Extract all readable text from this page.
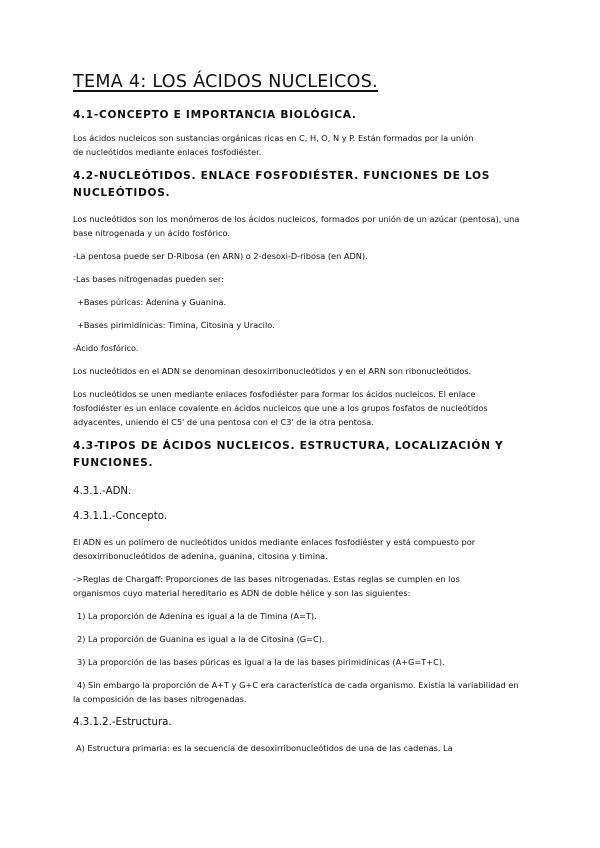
TEMA 4: LOS ÁCIDOS NUCLEICOS.
4.1-CONCEPTO E IMPORTANCIA BIOLÓGICA.
Los ácidos nucleicos son sustancias orgánicas ricas en C, H, O, N y P. Están formados por la unión
de nucleótidos mediante enlaces fosfodiéster.
4.2-NUCLEÓTIDOS. ENLACE FOSFODIÉSTER. FUNCIONES DE LOS
NUCLEÓTIDOS.
Los nucleótidos son los monómeros de los ácidos nucleicos, formados por unión de un azúcar (pentosa), una
base nitrogenada y un ácido fosfórico.
-La pentosa puede ser D-Ribosa (en ARN) o 2-desoxi-D-ribosa (en ADN).
-Las bases nitrogenadas pueden ser:
+Bases púricas: Adenina y Guanina.
+Bases pirimidínicas: Timina, Citosina y Uracilo.
-Ácido fosfórico.
Los nucleótidos en el ADN se denominan desoxirribonucleótidos y en el ARN son ribonucleótidos.
Los nucleótidos se unen mediante enlaces fosfodiéster para formar los ácidos nucleicos. El enlace
fosfodiéster es un enlace covalente en ácidos nucleicos que une a los grupos fosfatos de nucleótidos
adyacentes, uniendo el C5' de una pentosa con el C3' de la otra pentosa.
4.3-TIPOS DE ÁCIDOS NUCLEICOS. ESTRUCTURA, LOCALIZACIÓN Y
FUNCIONES.
4.3.1.-ADN.
4.3.1.1.-Concepto.
El ADN es un polímero de nucleótidos unidos mediante enlaces fosfodiéster y está compuesto por
desoxirribonucleótidos de adenina, guanina, citosina y timina.
->Reglas de Chargaff: Proporciones de las bases nitrogenadas. Estas reglas se cumplen en los
organismos cuyo material hereditario es ADN de doble hélice y son las siguientes:
1) La proporción de Adenina es igual a la de Timina (A=T).
2) La proporción de Guanina es igual a la de Citosina (G=C).
3) La proporción de las bases púricas es igual a la de las bases pirimidínicas (A+G=T+C).
4) Sin embargo la proporción de A+T y G+C era característica de cada organismo. Existía la variabilidad en
la composición de las bases nitrogenadas.
4.3.1.2.-Estructura.
A) Estructura primaria: es la secuencia de desoxirribonucleótidos de una de las cadenas. La
